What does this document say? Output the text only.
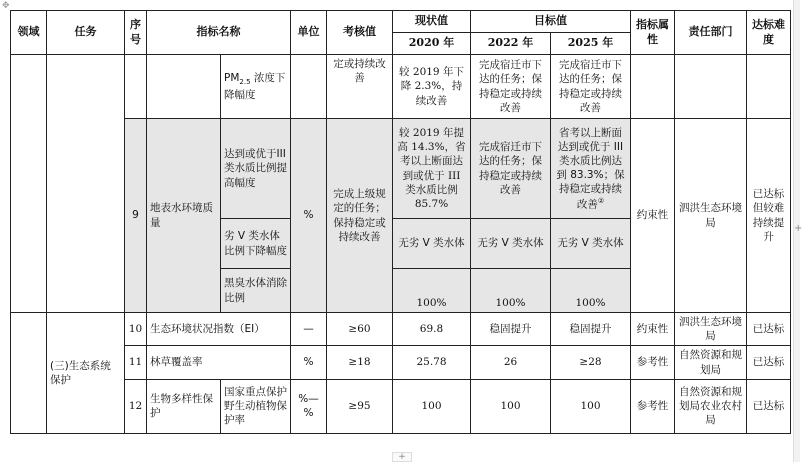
✥
领域	任务	序号	指标名称		单位	考核值	现状值	目标值		指标属性	责任部门	达标难度
							2020 年	2022 年	2025 年			
				$PM_{2.5}$ 浓度下降幅度		定或持续改善	较 2019 年下降 2.3%，持续改善	完成宿迁市下达的任务；保持稳定或持续改善	完成宿迁市下达的任务；保持稳定或持续改善			
		9	地表水环境质量	达到或优于III类水质比例提高幅度	%	完成上级规定的任务；保持稳定或持续改善	较 2019 年提高 14.3%，省考以上断面达到或优于 III 类水质比例 85.7%	完成宿迁市下达的任务；保持稳定或持续改善	省考以上断面达到或优于 III 类水质比例达到 83.3%；保持稳定或持续改善②	约束性	泗洪生态环境局	已达标但较难持续提升
				劣 V 类水体比例下降幅度			无劣 V 类水体	无劣 V 类水体	无劣 V 类水体			
				黑臭水体消除比例			100%	100%	100%			
	(三)生态系统保护	10	生态环境状况指数（EI）		—	≥60	69.8	稳固提升	稳固提升	约束性	泗洪生态环境局	已达标
		11	林草覆盖率		%	≥18	25.78	26	≥28	参考性	自然资源和规划局	已达标
		12	生物多样性保护	国家重点保护野生动植物保护率	%—%	≥95	100	100	100	参考性	自然资源和规划局农业农村局	已达标
+
+
